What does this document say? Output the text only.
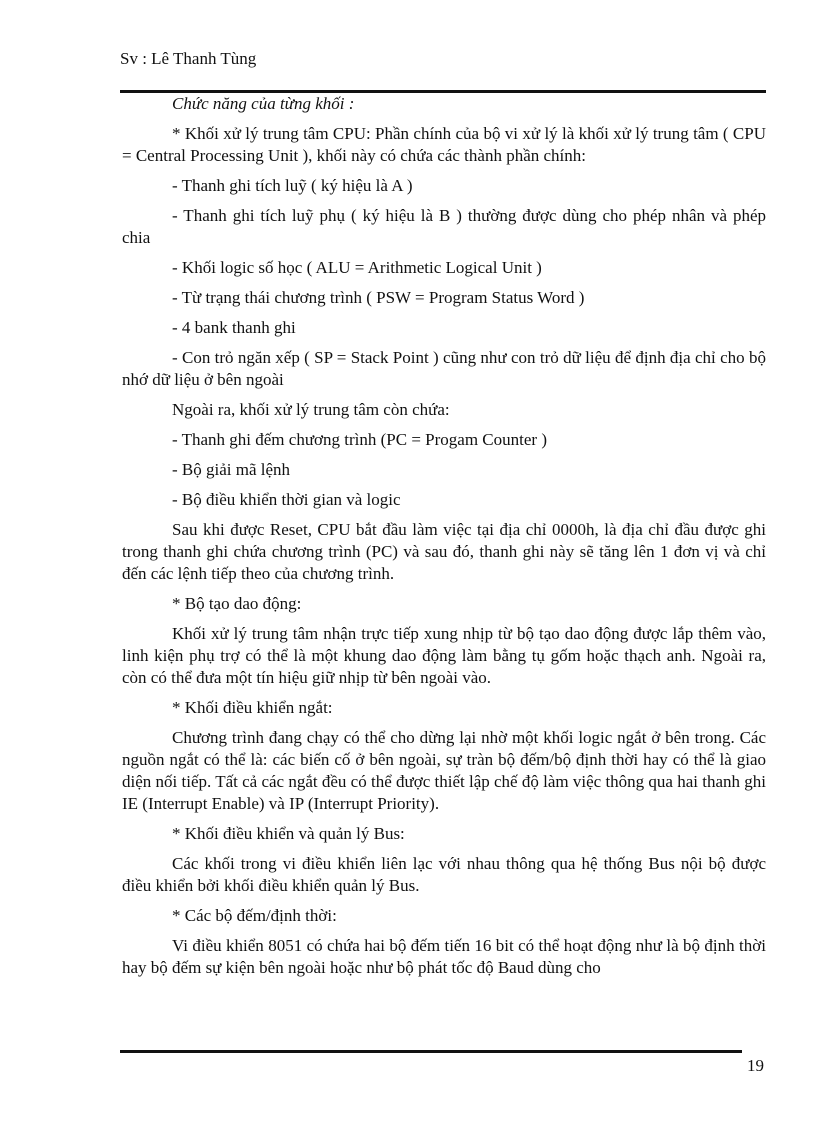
Sv : Lê Thanh Tùng

Chức năng của từng khối :

* Khối xử lý trung tâm CPU: Phần chính của bộ vi xử lý là khối xử lý trung tâm ( CPU = Central Processing Unit ), khối này có chứa các thành phần chính:

- Thanh ghi tích luỹ ( ký hiệu là A )

- Thanh ghi tích luỹ phụ ( ký hiệu là B ) thường được dùng cho phép nhân và phép chia

- Khối logic số học ( ALU = Arithmetic Logical Unit )

- Từ trạng thái chương trình ( PSW = Program Status Word )

- 4 bank thanh ghi

- Con trỏ ngăn xếp ( SP = Stack Point ) cũng như con trỏ dữ liệu để định địa chỉ cho bộ nhớ dữ liệu ở bên ngoài

Ngoài ra, khối xử lý trung tâm còn chứa:

- Thanh ghi đếm chương trình (PC = Progam Counter )

- Bộ giải mã lệnh

- Bộ điều khiển thời gian và logic

Sau khi được Reset, CPU bắt đầu làm việc tại địa chỉ 0000h, là địa chỉ đầu được ghi trong thanh ghi chứa chương trình (PC) và sau đó, thanh ghi này sẽ tăng lên 1 đơn vị và chỉ đến các lệnh tiếp theo của chương trình.

* Bộ tạo dao động:

Khối xử lý trung tâm nhận trực tiếp xung nhịp từ bộ tạo dao động được lắp thêm vào, linh kiện phụ trợ có thể là một khung dao động làm bằng tụ gốm hoặc thạch anh. Ngoài ra, còn có thể đưa một tín hiệu giữ nhịp từ bên ngoài vào.

* Khối điều khiển ngắt:

Chương trình đang chạy có thể cho dừng lại nhờ một khối logic ngắt ở bên trong. Các nguồn ngắt có thể là: các biến cố ở bên ngoài, sự tràn bộ đếm/bộ định thời hay có thể là giao diện nối tiếp. Tất cả các ngắt đều có thể được thiết lập chế độ làm việc thông qua hai thanh ghi IE (Interrupt Enable) và IP (Interrupt Priority).

* Khối điều khiển và quản lý Bus:

Các khối trong vi điều khiển liên lạc với nhau thông qua hệ thống Bus nội bộ được điều khiển bởi khối điều khiển quản lý Bus.

* Các bộ đếm/định thời:

Vi điều khiển 8051 có chứa hai bộ đếm tiến 16 bit có thể hoạt động như là bộ định thời hay bộ đếm sự kiện bên ngoài hoặc như bộ phát tốc độ Baud dùng cho

19
